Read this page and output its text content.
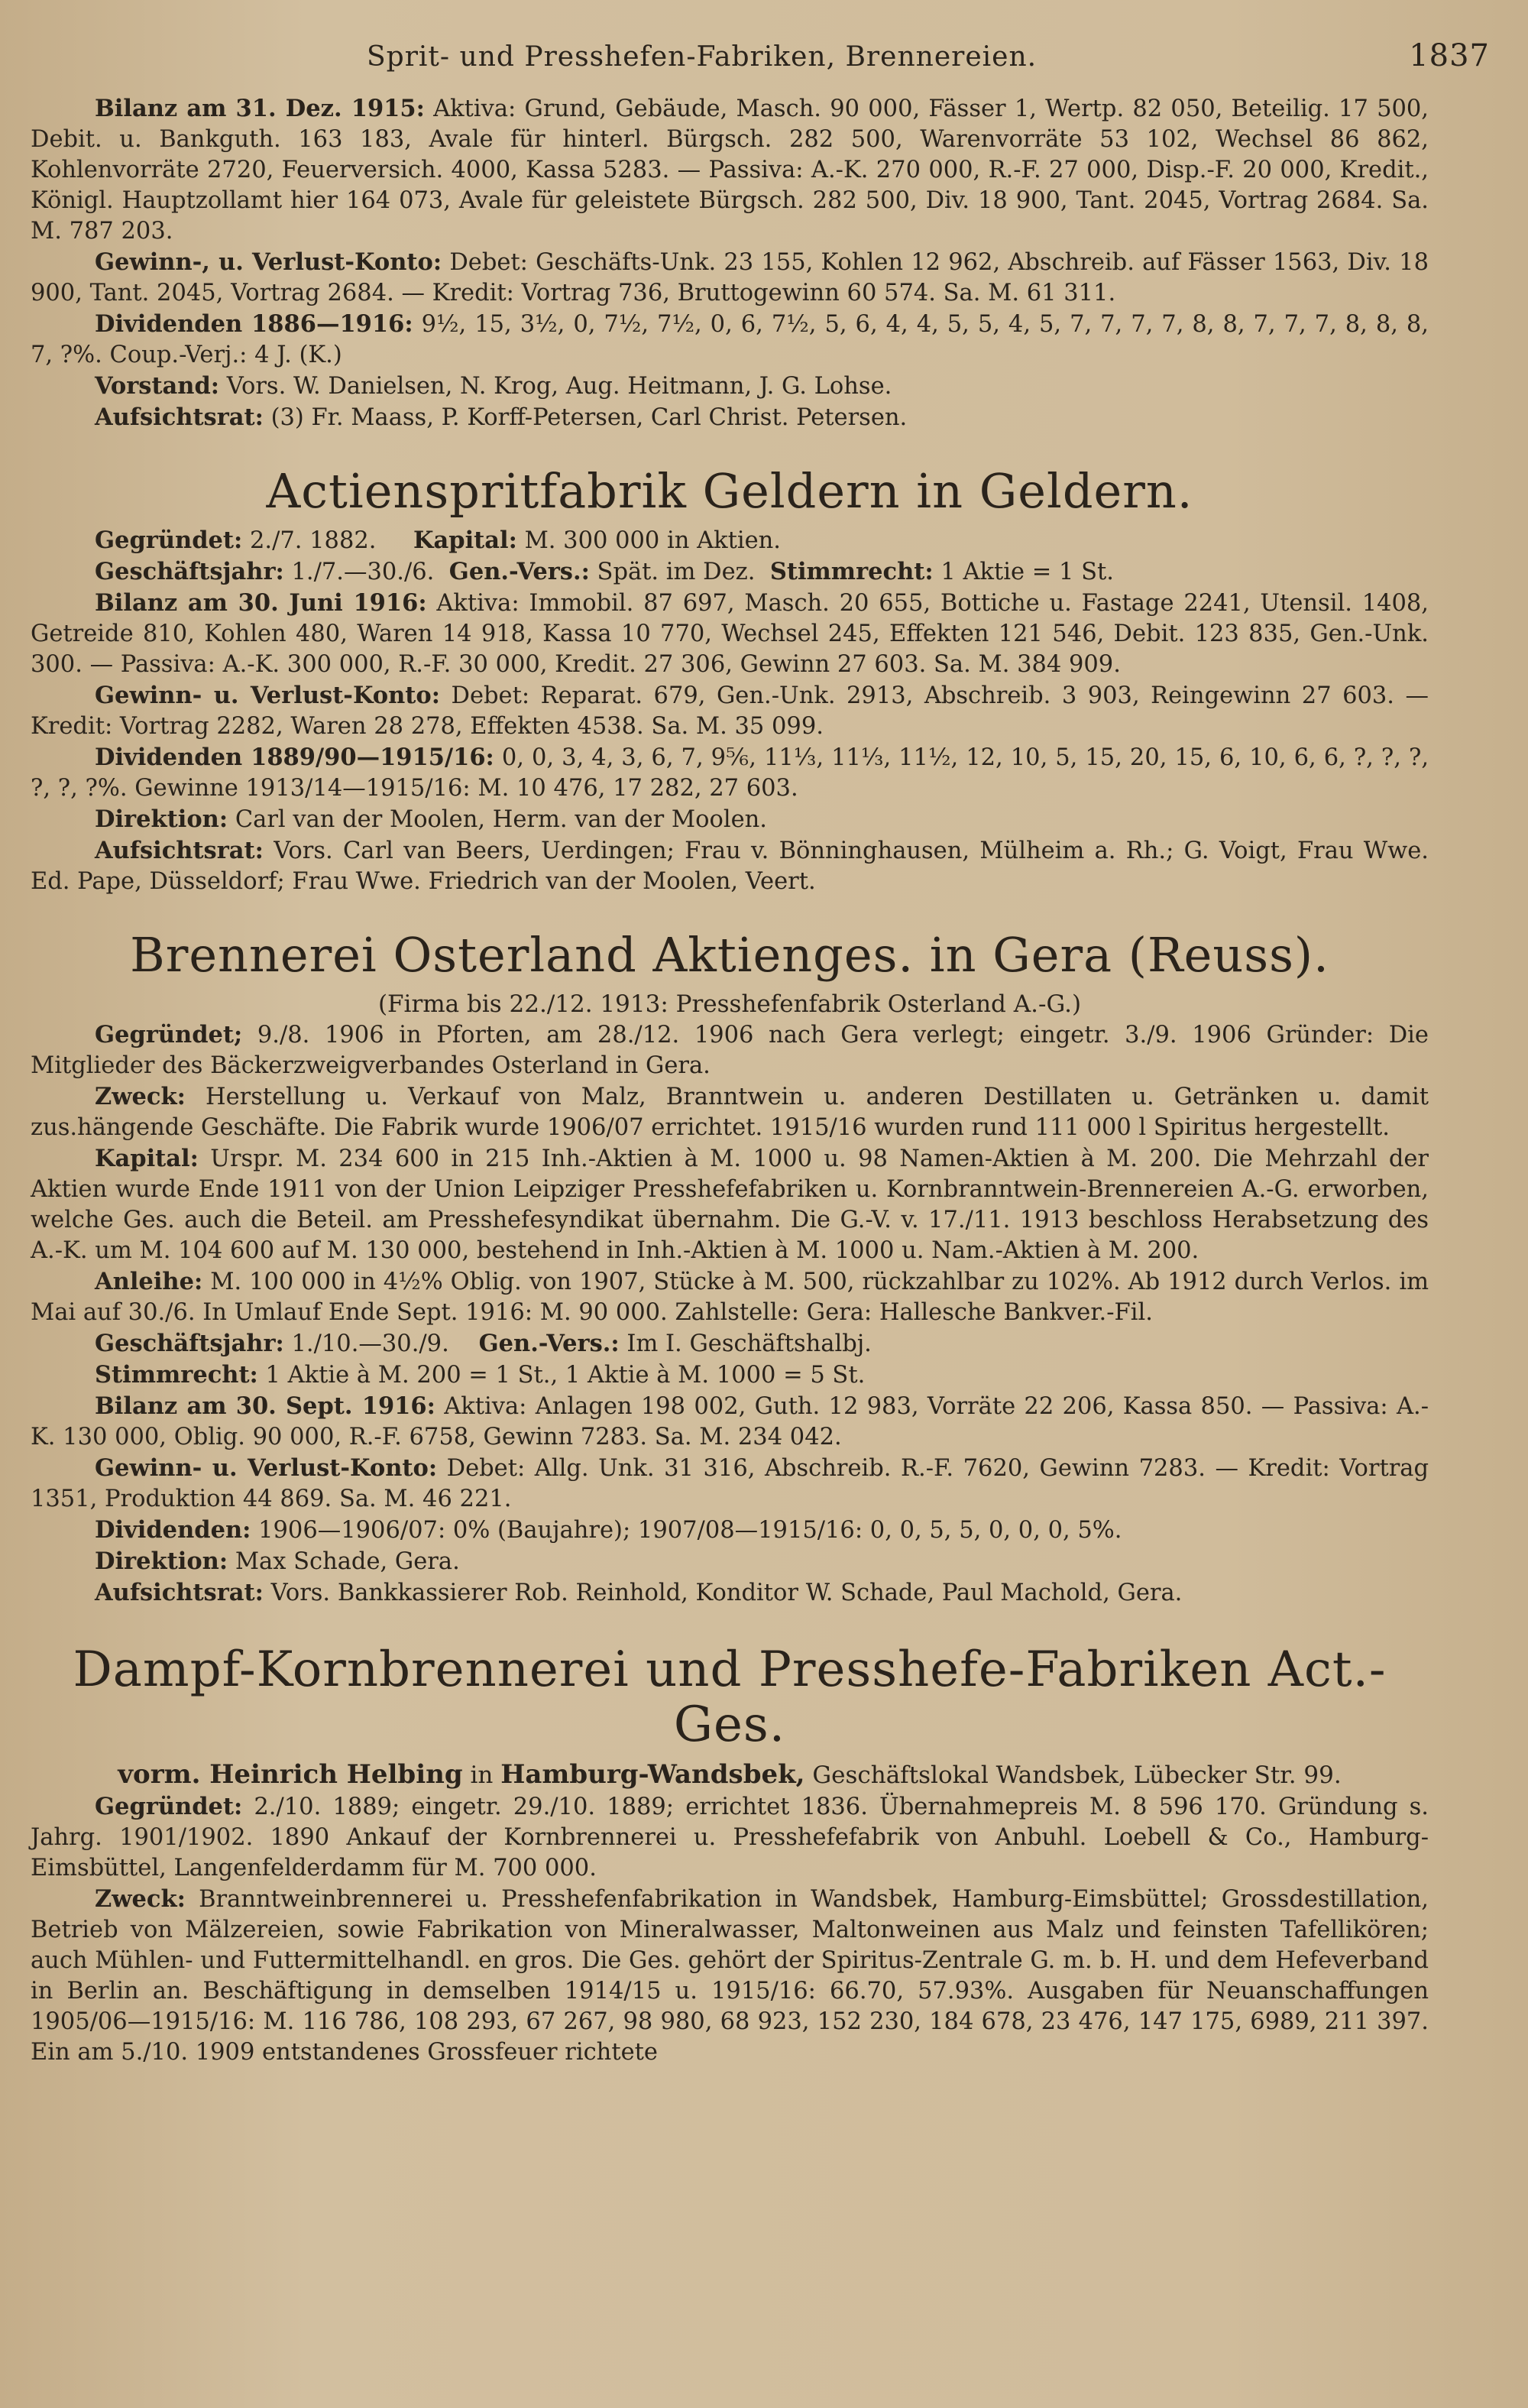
Sprit- und Presshefen-Fabriken, Brennereien.	1837

Bilanz am 31. Dez. 1915: Aktiva: Grund, Gebäude, Masch. 90 000, Fässer 1, Wertp. 82 050, Beteilig. 17 500, Debit. u. Bankguth. 163 183, Avale für hinterl. Bürgsch. 282 500, Warenvorräte 53 102, Wechsel 86 862, Kohlenvorräte 2720, Feuerversich. 4000, Kassa 5283. — Passiva: A.-K. 270 000, R.-F. 27 000, Disp.-F. 20 000, Kredit., Königl. Hauptzollamt hier 164 073, Avale für geleistete Bürgsch. 282 500, Div. 18 900, Tant. 2045, Vortrag 2684. Sa. M. 787 203.

Gewinn-, u. Verlust-Konto: Debet: Geschäfts-Unk. 23 155, Kohlen 12 962, Abschreib. auf Fässer 1563, Div. 18 900, Tant. 2045, Vortrag 2684. — Kredit: Vortrag 736, Bruttogewinn 60 574. Sa. M. 61 311.

Dividenden 1886—1916: 9½, 15, 3½, 0, 7½, 7½, 0, 6, 7½, 5, 6, 4, 4, 5, 5, 4, 5, 7, 7, 7, 7, 8, 8, 7, 7, 7, 8, 8, 8, 7, ?%. Coup.-Verj.: 4 J. (K.)

Vorstand: Vors. W. Danielsen, N. Krog, Aug. Heitmann, J. G. Lohse.

Aufsichtsrat: (3) Fr. Maass, P. Korff-Petersen, Carl Christ. Petersen.

Actienspritfabrik Geldern in Geldern.

Gegründet: 2./7. 1882. Kapital: M. 300 000 in Aktien.

Geschäftsjahr: 1./7.—30./6. Gen.-Vers.: Spät. im Dez. Stimmrecht: 1 Aktie = 1 St.

Bilanz am 30. Juni 1916: Aktiva: Immobil. 87 697, Masch. 20 655, Bottiche u. Fastage 2241, Utensil. 1408, Getreide 810, Kohlen 480, Waren 14 918, Kassa 10 770, Wechsel 245, Effekten 121 546, Debit. 123 835, Gen.-Unk. 300. — Passiva: A.-K. 300 000, R.-F. 30 000, Kredit. 27 306, Gewinn 27 603. Sa. M. 384 909.

Gewinn- u. Verlust-Konto: Debet: Reparat. 679, Gen.-Unk. 2913, Abschreib. 3 903, Reingewinn 27 603. — Kredit: Vortrag 2282, Waren 28 278, Effekten 4538. Sa. M. 35 099.

Dividenden 1889/90—1915/16: 0, 0, 3, 4, 3, 6, 7, 9⅚, 11⅓, 11⅓, 11½, 12, 10, 5, 15, 20, 15, 6, 10, 6, 6, ?, ?, ?, ?, ?, ?%. Gewinne 1913/14—1915/16: M. 10 476, 17 282, 27 603.

Direktion: Carl van der Moolen, Herm. van der Moolen.

Aufsichtsrat: Vors. Carl van Beers, Uerdingen; Frau v. Bönninghausen, Mülheim a. Rh.; G. Voigt, Frau Wwe. Ed. Pape, Düsseldorf; Frau Wwe. Friedrich van der Moolen, Veert.

Brennerei Osterland Aktienges. in Gera (Reuss).
(Firma bis 22./12. 1913: Presshefenfabrik Osterland A.-G.)

Gegründet; 9./8. 1906 in Pforten, am 28./12. 1906 nach Gera verlegt; eingetr. 3./9. 1906 Gründer: Die Mitglieder des Bäckerzweigverbandes Osterland in Gera.

Zweck: Herstellung u. Verkauf von Malz, Branntwein u. anderen Destillaten u. Getränken u. damit zus.hängende Geschäfte. Die Fabrik wurde 1906/07 errichtet. 1915/16 wurden rund 111 000 l Spiritus hergestellt.

Kapital: Urspr. M. 234 600 in 215 Inh.-Aktien à M. 1000 u. 98 Namen-Aktien à M. 200. Die Mehrzahl der Aktien wurde Ende 1911 von der Union Leipziger Presshefefabriken u. Kornbranntwein-Brennereien A.-G. erworben, welche Ges. auch die Beteil. am Presshefesyndikat übernahm. Die G.-V. v. 17./11. 1913 beschloss Herabsetzung des A.-K. um M. 104 600 auf M. 130 000, bestehend in Inh.-Aktien à M. 1000 u. Nam.-Aktien à M. 200.

Anleihe: M. 100 000 in 4½% Oblig. von 1907, Stücke à M. 500, rückzahlbar zu 102%. Ab 1912 durch Verlos. im Mai auf 30./6. In Umlauf Ende Sept. 1916: M. 90 000. Zahlstelle: Gera: Hallesche Bankver.-Fil.

Geschäftsjahr: 1./10.—30./9. Gen.-Vers.: Im I. Geschäftshalbj.

Stimmrecht: 1 Aktie à M. 200 = 1 St., 1 Aktie à M. 1000 = 5 St.

Bilanz am 30. Sept. 1916: Aktiva: Anlagen 198 002, Guth. 12 983, Vorräte 22 206, Kassa 850. — Passiva: A.-K. 130 000, Oblig. 90 000, R.-F. 6758, Gewinn 7283. Sa. M. 234 042.

Gewinn- u. Verlust-Konto: Debet: Allg. Unk. 31 316, Abschreib. R.-F. 7620, Gewinn 7283. — Kredit: Vortrag 1351, Produktion 44 869. Sa. M. 46 221.

Dividenden: 1906—1906/07: 0% (Baujahre); 1907/08—1915/16: 0, 0, 5, 5, 0, 0, 0, 5%.

Direktion: Max Schade, Gera.

Aufsichtsrat: Vors. Bankkassierer Rob. Reinhold, Konditor W. Schade, Paul Machold, Gera.

Dampf-Kornbrennerei und Presshefe-Fabriken Act.-Ges.
vorm. Heinrich Helbing in Hamburg-Wandsbek, Geschäftslokal Wandsbek, Lübecker Str. 99.

Gegründet: 2./10. 1889; eingetr. 29./10. 1889; errichtet 1836. Übernahmepreis M. 8 596 170. Gründung s. Jahrg. 1901/1902. 1890 Ankauf der Kornbrennerei u. Presshefefabrik von Anbuhl. Loebell & Co., Hamburg-Eimsbüttel, Langenfelderdamm für M. 700 000.

Zweck: Branntweinbrennerei u. Presshefenfabrikation in Wandsbek, Hamburg-Eimsbüttel; Grossdestillation, Betrieb von Mälzereien, sowie Fabrikation von Mineralwasser, Maltonweinen aus Malz und feinsten Tafellikören; auch Mühlen- und Futtermittelhandl. en gros. Die Ges. gehört der Spiritus-Zentrale G. m. b. H. und dem Hefeverband in Berlin an. Beschäftigung in demselben 1914/15 u. 1915/16: 66.70, 57.93%. Ausgaben für Neuanschaffungen 1905/06—1915/16: M. 116 786, 108 293, 67 267, 98 980, 68 923, 152 230, 184 678, 23 476, 147 175, 6989, 211 397. Ein am 5./10. 1909 entstandenes Grossfeuer richtete
